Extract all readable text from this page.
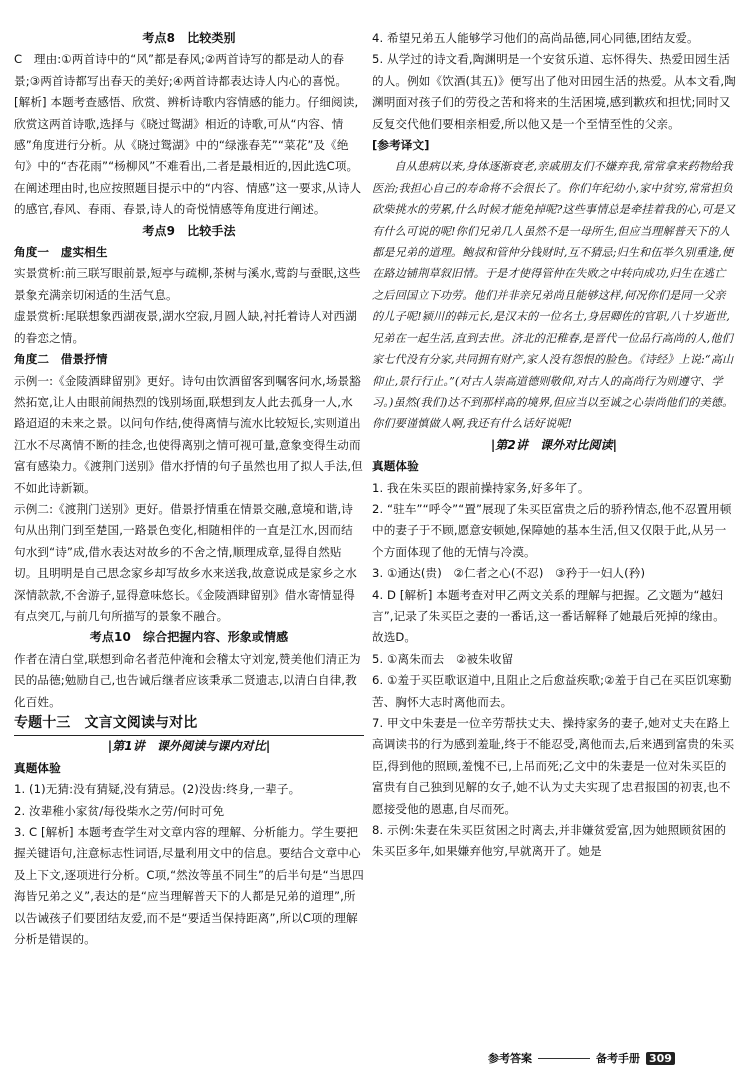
考点8　比较类别

C　理由:①两首诗中的“风”都是春风;②两首诗写的都是动人的春景;③两首诗都写出春天的美好;④两首诗都表达诗人内心的喜悦。

[解析] 本题考查感悟、欣赏、辨析诗歌内容情感的能力。仔细阅读,欣赏这两首诗歌,选择与《晓过鸳湖》相近的诗歌,可从“内容、情感”角度进行分析。从《晓过鸳湖》中的“绿涨春芜”“菜花”及《绝句》中的“杏花雨”“杨柳风”不难看出,二者是最相近的,因此选C项。在阐述理由时,也应按照题目提示中的“内容、情感”这一要求,从诗人的感官,春风、春雨、春景,诗人的奇悦情感等角度进行阐述。

考点9　比较手法

角度一　虚实相生

实景赏析:前三联写眼前景,短亭与疏柳,茶树与溪水,莺韵与蚕眠,这些景象充满亲切闲适的生活气息。

虚景赏析:尾联想象西湖夜景,湖水空寂,月圆人缺,衬托着诗人对西湖的眷恋之情。

角度二　借景抒情

示例一:《金陵酒肆留别》更好。诗句由饮酒留客到嘱客问水,场景豁然拓宽,让人由眼前闹热烈的饯别场面,联想到友人此去孤身一人,水路迢迢的未来之景。以问句作结,使得离情与流水比较短长,实则道出江水不尽离情不断的挂念,也使得离别之情可视可量,意象变得生动而富有感染力。《渡荆门送别》借水抒情的句子虽然也用了拟人手法,但不如此诗新颖。

示例二:《渡荆门送别》更好。借景抒情重在情景交融,意境和谐,诗句从出荆门到至楚国,一路景色变化,相随相伴的一直是江水,因而结句水到“诗”成,借水表达对故乡的不舍之情,顺理成章,显得自然贴切。且明明是自己思念家乡却写故乡水来送我,故意说成是家乡之水深情款款,不舍游子,显得意味悠长。《金陵酒肆留别》借水寄情显得有点突兀,与前几句所描写的景象不融合。

考点10　综合把握内容、形象或情感

作者在清白堂,联想到命名者范仲淹和会稽太守刘宠,赞美他们清正为民的品德;勉励自己,也告诫后继者应该秉承二贤遗志,以清白自律,教化百姓。

专题十三　文言文阅读与对比

|第1讲　课外阅读与课内对比|

真题体验

1. (1)无猜:没有猜疑,没有猜忌。(2)没齿:终身,一辈子。

2. 汝辈稚小家贫/每役柴水之劳/何时可免

3. C [解析] 本题考查学生对文章内容的理解、分析能力。学生要把握关键语句,注意标志性词语,尽量利用文中的信息。要结合文章中心及上下文,逐项进行分析。C项,“然汝等虽不同生”的后半句是“当思四海皆兄弟之义”,表达的是“应当理解普天下的人都是兄弟的道理”,所以告诫孩子们要团结友爱,而不是“要适当保持距离”,所以C项的理解分析是错误的。

4. 希望兄弟五人能够学习他们的高尚品德,同心同德,团结友爱。

5. 从学过的诗文看,陶渊明是一个安贫乐道、忘怀得失、热爱田园生活的人。例如《饮酒(其五)》便写出了他对田园生活的热爱。从本文看,陶渊明面对孩子们的劳役之苦和将来的生活困境,感到歉疚和担忧;同时又反复交代他们要相亲相爱,所以他又是一个至情至性的父亲。

[参考译文]

自从患病以来,身体逐渐衰老,亲戚朋友们不嫌弃我,常常拿来药物给我医治;我担心自己的寿命将不会很长了。你们年纪幼小,家中贫穷,常常担负砍柴挑水的劳累,什么时候才能免掉呢?这些事情总是牵挂着我的心,可是又有什么可说的呢!你们兄弟几人虽然不是一母所生,但应当理解普天下的人都是兄弟的道理。鲍叔和管仲分钱财时,互不猜忌;归生和伍举久别重逢,便在路边铺荆草叙旧情。于是才使得管仲在失败之中转向成功,归生在逃亡之后回国立下功劳。他们并非亲兄弟尚且能够这样,何况你们是同一父亲的儿子呢!颍川的韩元长,是汉末的一位名士,身居卿佐的官职,八十岁逝世,兄弟在一起生活,直到去世。济北的汜稚春,是晋代一位品行高尚的人,他们家七代没有分家,共同拥有财产,家人没有怨恨的脸色。《诗经》上说:“高山仰止,景行行止。”(对古人崇高道德则敬仰,对古人的高尚行为则遵守、学习。)虽然(我们)达不到那样高的境界,但应当以至诚之心崇尚他们的美德。你们要谨慎做人啊,我还有什么话好说呢!

|第2讲　课外对比阅读|

真题体验

1. 我在朱买臣的跟前操持家务,好多年了。

2. “驻车”“呼令”“置”展现了朱买臣富贵之后的骄矜情态,他不忍置用顿中的妻子于不顾,愿意安顿她,保障她的基本生活,但又仅限于此,从另一个方面体现了他的无情与冷漠。

3. ①通达(贵)　②仁者之心(不忍)　③矜于一妇人(矜)

4. D [解析] 本题考查对甲乙两文关系的理解与把握。乙文题为“越妇言”,记录了朱买臣之妻的一番话,这一番话解释了她最后死掉的缘由。故选D。

5. ①离朱而去　②被朱收留

6. ①羞于买臣歌讴道中,且阻止之后愈益疾歌;②羞于自己在买臣饥寒勤苦、胸怀大志时离他而去。

7. 甲文中朱妻是一位辛劳帮扶丈夫、操持家务的妻子,她对丈夫在路上高调读书的行为感到羞耻,终于不能忍受,离他而去,后来遇到富贵的朱买臣,得到他的照顾,羞愧不已,上吊而死;乙文中的朱妻是一位对朱买臣的富贵有自己独到见解的女子,她不认为丈夫实现了忠君报国的初衷,也不愿接受他的恩惠,自尽而死。

8. 示例:朱妻在朱买臣贫困之时离去,并非嫌贫爱富,因为她照顾贫困的朱买臣多年,如果嫌弃他穷,早就离开了。她是

参考答案	备考手册 309
